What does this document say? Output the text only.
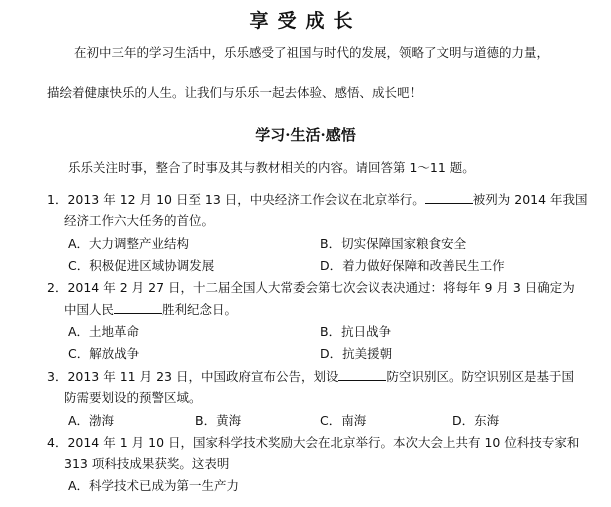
享受成长
在初中三年的学习生活中，乐乐感受了祖国与时代的发展，领略了文明与道德的力量，
描绘着健康快乐的人生。让我们与乐乐一起去体验、感悟、成长吧！
学习·生活·感悟
乐乐关注时事，整合了时事及其与教材相关的内容。请回答第 1～11 题。
1．2013 年 12 月 10 日至 13 日，中央经济工作会议在北京举行。	被列为 2014 年我国
经济工作六大任务的首位。
A．大力调整产业结构	B．切实保障国家粮食安全
C．积极促进区域协调发展	D．着力做好保障和改善民生工作
2．2014 年 2 月 27 日，十二届全国人大常委会第七次会议表决通过：将每年 9 月 3 日确定为
中国人民	胜利纪念日。
A．土地革命	B．抗日战争
C．解放战争	D．抗美援朝
3．2013 年 11 月 23 日，中国政府宣布公告，划设	防空识别区。防空识别区是基于国
防需要划设的预警区域。
A．渤海	B．黄海	C．南海	D．东海
4．2014 年 1 月 10 日，国家科学技术奖励大会在北京举行。本次大会上共有 10 位科技专家和
313 项科技成果获奖。这表明
A．科学技术已成为第一生产力
